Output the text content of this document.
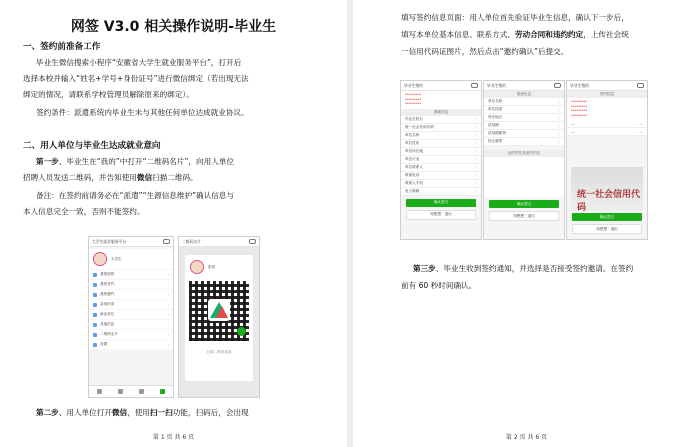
网签 V3.0 相关操作说明-毕业生
一、签约前准备工作
毕业生微信搜索小程序“安徽省大学生就业服务平台”，打开后
选择本校并输入“姓名+学号+身份证号”进行微信绑定（若出现无法
绑定的情况，请联系学校管理员解除原来的绑定）。
签约条件：派遣系统内毕业生未与其他任何单位达成就业协议。
二、用人单位与毕业生达成就业意向
第一步、毕业生在“我的”中打开“二维码名片”，向用人单位
招聘人员发送二维码，并告知使用微信扫描二维码。
备注：在签约前请务必在“派遣”“生源信息维护”确认信息与
本人信息完全一致，否则不能签约。
大学生就业服务平台
大学生
我报到的	›
我的签约	›
我的邀约	›
录取申请	›
就业单位	›
其他信息	›
二维码名片	›
设置	›
二维码名片
张同
扫描二维码加我
第二步、用人单位打开微信，使用扫一扫功能，扫码后，会出现
第 1 页 共 6 页
填写签约信息页面：用人单位首先验证毕业生信息，确认下一步后，
填写本单位基本信息、联系方式、劳动合同和违约约定，上传社会统
一信用代码证图片，然后点击“邀约确认”后提交。
毕业生签约
*********
*********
*********
基础信息
毕业生姓名	›
统一社会信用代码	›
单位名称	›
单位性质	›
单位所在地	›
单位行业	›
单位联系人	›
联系电话	›
联系人手机	›
电子邮箱	›
确认提交
再想想 · 退出
毕业生签约
报到信息
单位名称	›
单位性质	›
所在地区	›
试用期	›
试用期薪资	›
转正薪资	›
违约责任及违约约定
确认提交
再想想 · 退出
毕业生签约
签约信息
*********
*********
*********
*********
—	—
—	—
统一社会信用代码
确认提交
再想想 · 退出
第三步、毕业生收到签约通知，并选择是否接受签约邀请。在签约
前有 60 秒时间确认。
第 2 页 共 6 页
